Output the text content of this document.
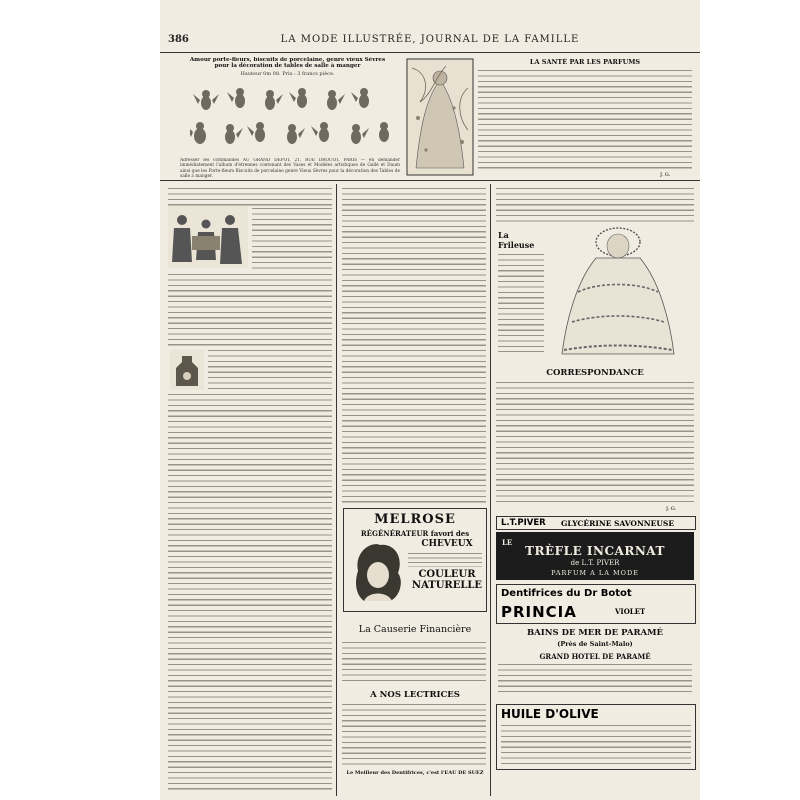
386	LA MODE ILLUSTRÉE, JOURNAL DE LA FAMILLE
Amour porte-fleurs, biscuits de porcelaine, genre vieux Sèvres
pour la décoration de tables de salle à manger
Hauteur 0m 08. Prix : 3 francs pièce.
Adresser les commandes AU GRAND DÉPOT, 21, RUE DROUOT, PARIS — en demander immédiatement l'album d'étrennes contenant des Vases et Modèles artistiques de Gallé et Daum ainsi que les Porte-fleurs Biscuits de porcelaine genre Vieux Sèvres pour la décoration des Tables de salle à manger.
LA SANTÉ PAR LES PARFUMS
J. G.
MELROSE
RÉGÉNÉRATEUR favori des
CHEVEUX
COULEUR
NATURELLE
La Causerie Financière
A NOS LECTRICES
Le Meilleur des Dentifrices, c'est l'EAU DE SUEZ
La
Frileuse
CORRESPONDANCE
J. G.
L.T.PIVER GLYCÉRINE SAVONNEUSE
LE
TRÈFLE INCARNAT
de L.T. PIVER
PARFUM A LA MODE
Dentifrices du Dr Botot
PRINCIA	VIOLET
BAINS DE MER DE PARAMÉ
(Près de Saint-Malo)
GRAND HOTEL DE PARAMÉ
HUILE D'OLIVE
